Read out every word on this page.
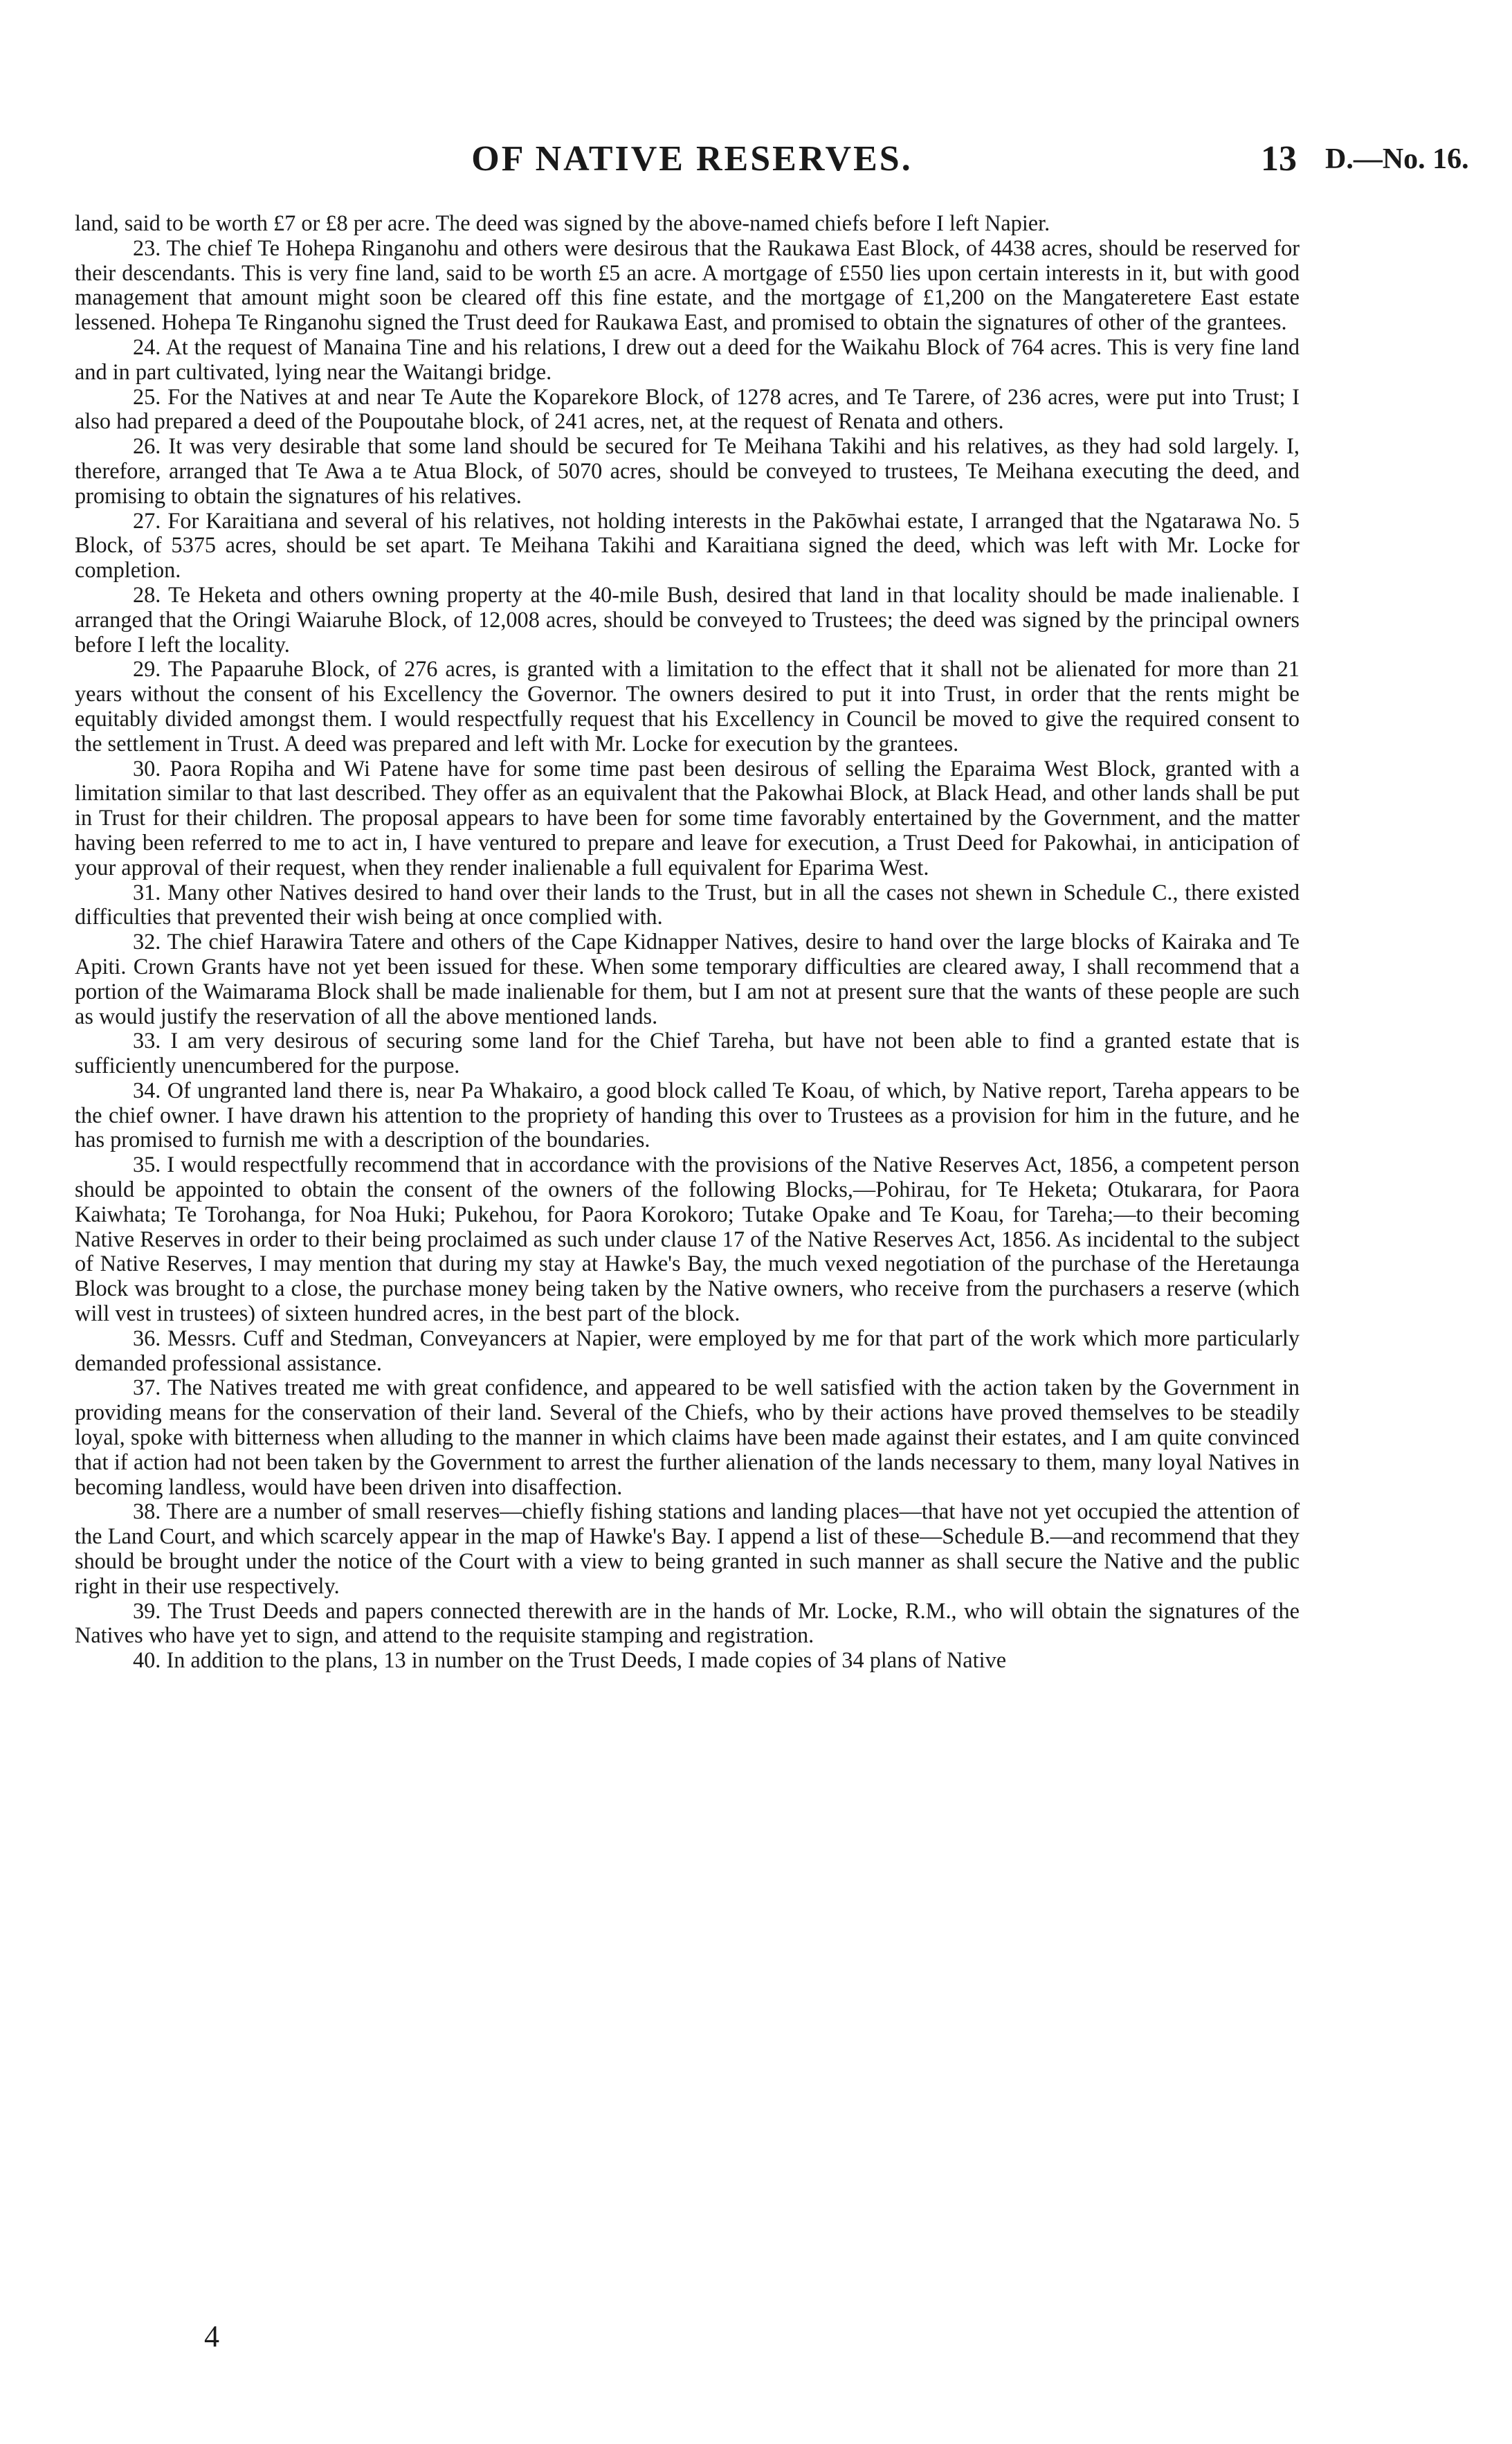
OF NATIVE RESERVES.	13 D.—No. 16.

land, said to be worth £7 or £8 per acre. The deed was signed by the above-named chiefs before I left Napier.

23. The chief Te Hohepa Ringanohu and others were desirous that the Raukawa East Block, of 4438 acres, should be reserved for their descendants. This is very fine land, said to be worth £5 an acre. A mortgage of £550 lies upon certain interests in it, but with good management that amount might soon be cleared off this fine estate, and the mortgage of £1,200 on the Mangateretere East estate lessened. Hohepa Te Ringanohu signed the Trust deed for Raukawa East, and promised to obtain the signatures of other of the grantees.

24. At the request of Manaina Tine and his relations, I drew out a deed for the Waikahu Block of 764 acres. This is very fine land and in part cultivated, lying near the Waitangi bridge.

25. For the Natives at and near Te Aute the Koparekore Block, of 1278 acres, and Te Tarere, of 236 acres, were put into Trust; I also had prepared a deed of the Poupoutahe block, of 241 acres, net, at the request of Renata and others.

26. It was very desirable that some land should be secured for Te Meihana Takihi and his relatives, as they had sold largely. I, therefore, arranged that Te Awa a te Atua Block, of 5070 acres, should be conveyed to trustees, Te Meihana executing the deed, and promising to obtain the signatures of his relatives.

27. For Karaitiana and several of his relatives, not holding interests in the Pakōwhai estate, I arranged that the Ngatarawa No. 5 Block, of 5375 acres, should be set apart. Te Meihana Takihi and Karaitiana signed the deed, which was left with Mr. Locke for completion.

28. Te Heketa and others owning property at the 40-mile Bush, desired that land in that locality should be made inalienable. I arranged that the Oringi Waiaruhe Block, of 12,008 acres, should be conveyed to Trustees; the deed was signed by the principal owners before I left the locality.

29. The Papaaruhe Block, of 276 acres, is granted with a limitation to the effect that it shall not be alienated for more than 21 years without the consent of his Excellency the Governor. The owners desired to put it into Trust, in order that the rents might be equitably divided amongst them. I would respectfully request that his Excellency in Council be moved to give the required consent to the settlement in Trust. A deed was prepared and left with Mr. Locke for execution by the grantees.

30. Paora Ropiha and Wi Patene have for some time past been desirous of selling the Eparaima West Block, granted with a limitation similar to that last described. They offer as an equivalent that the Pakowhai Block, at Black Head, and other lands shall be put in Trust for their children. The proposal appears to have been for some time favorably entertained by the Government, and the matter having been referred to me to act in, I have ventured to prepare and leave for execution, a Trust Deed for Pakowhai, in anticipation of your approval of their request, when they render inalienable a full equivalent for Eparima West.

31. Many other Natives desired to hand over their lands to the Trust, but in all the cases not shewn in Schedule C., there existed difficulties that prevented their wish being at once complied with.

32. The chief Harawira Tatere and others of the Cape Kidnapper Natives, desire to hand over the large blocks of Kairaka and Te Apiti. Crown Grants have not yet been issued for these. When some temporary difficulties are cleared away, I shall recommend that a portion of the Waimarama Block shall be made inalienable for them, but I am not at present sure that the wants of these people are such as would justify the reservation of all the above mentioned lands.

33. I am very desirous of securing some land for the Chief Tareha, but have not been able to find a granted estate that is sufficiently unencumbered for the purpose.

34. Of ungranted land there is, near Pa Whakairo, a good block called Te Koau, of which, by Native report, Tareha appears to be the chief owner. I have drawn his attention to the propriety of handing this over to Trustees as a provision for him in the future, and he has promised to furnish me with a description of the boundaries.

35. I would respectfully recommend that in accordance with the provisions of the Native Reserves Act, 1856, a competent person should be appointed to obtain the consent of the owners of the following Blocks,—Pohirau, for Te Heketa; Otukarara, for Paora Kaiwhata; Te Torohanga, for Noa Huki; Pukehou, for Paora Korokoro; Tutake Opake and Te Koau, for Tareha;—to their becoming Native Reserves in order to their being proclaimed as such under clause 17 of the Native Reserves Act, 1856. As incidental to the subject of Native Reserves, I may mention that during my stay at Hawke's Bay, the much vexed negotiation of the purchase of the Heretaunga Block was brought to a close, the purchase money being taken by the Native owners, who receive from the purchasers a reserve (which will vest in trustees) of sixteen hundred acres, in the best part of the block.

36. Messrs. Cuff and Stedman, Conveyancers at Napier, were employed by me for that part of the work which more particularly demanded professional assistance.

37. The Natives treated me with great confidence, and appeared to be well satisfied with the action taken by the Government in providing means for the conservation of their land. Several of the Chiefs, who by their actions have proved themselves to be steadily loyal, spoke with bitterness when alluding to the manner in which claims have been made against their estates, and I am quite convinced that if action had not been taken by the Government to arrest the further alienation of the lands necessary to them, many loyal Natives in becoming landless, would have been driven into disaffection.

38. There are a number of small reserves—chiefly fishing stations and landing places—that have not yet occupied the attention of the Land Court, and which scarcely appear in the map of Hawke's Bay. I append a list of these—Schedule B.—and recommend that they should be brought under the notice of the Court with a view to being granted in such manner as shall secure the Native and the public right in their use respectively.

39. The Trust Deeds and papers connected therewith are in the hands of Mr. Locke, R.M., who will obtain the signatures of the Natives who have yet to sign, and attend to the requisite stamping and registration.

40. In addition to the plans, 13 in number on the Trust Deeds, I made copies of 34 plans of Native

4
